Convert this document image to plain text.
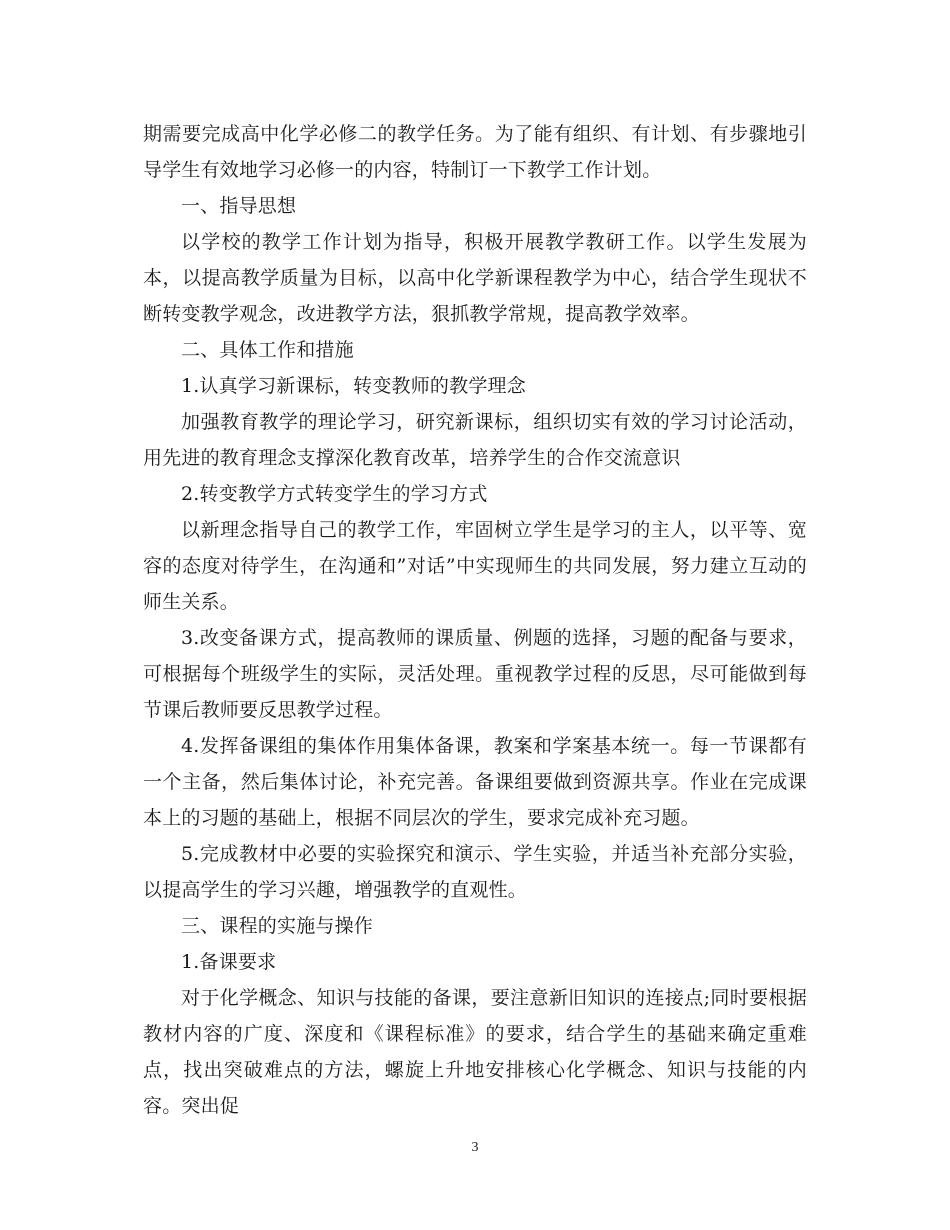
期需要完成高中化学必修二的教学任务。为了能有组织、有计划、有步骤地引导学生有效地学习必修一的内容，特制订一下教学工作计划。

一、指导思想

以学校的教学工作计划为指导，积极开展教学教研工作。以学生发展为本，以提高教学质量为目标，以高中化学新课程教学为中心，结合学生现状不断转变教学观念，改进教学方法，狠抓教学常规，提高教学效率。

二、具体工作和措施

1.认真学习新课标，转变教师的教学理念

加强教育教学的理论学习，研究新课标，组织切实有效的学习讨论活动，用先进的教育理念支撑深化教育改革，培养学生的合作交流意识

2.转变教学方式转变学生的学习方式

以新理念指导自己的教学工作，牢固树立学生是学习的主人，以平等、宽容的态度对待学生，在沟通和”对话”中实现师生的共同发展，努力建立互动的师生关系。

3.改变备课方式，提高教师的课质量、例题的选择，习题的配备与要求，可根据每个班级学生的实际，灵活处理。重视教学过程的反思，尽可能做到每节课后教师要反思教学过程。

4.发挥备课组的集体作用集体备课，教案和学案基本统一。每一节课都有一个主备，然后集体讨论，补充完善。备课组要做到资源共享。作业在完成课本上的习题的基础上，根据不同层次的学生，要求完成补充习题。

5.完成教材中必要的实验探究和演示、学生实验，并适当补充部分实验，以提高学生的学习兴趣，增强教学的直观性。

三、课程的实施与操作

1.备课要求

对于化学概念、知识与技能的备课，要注意新旧知识的连接点;同时要根据教材内容的广度、深度和《课程标准》的要求，结合学生的基础来确定重难点，找出突破难点的方法，螺旋上升地安排核心化学概念、知识与技能的内容。突出促

3
